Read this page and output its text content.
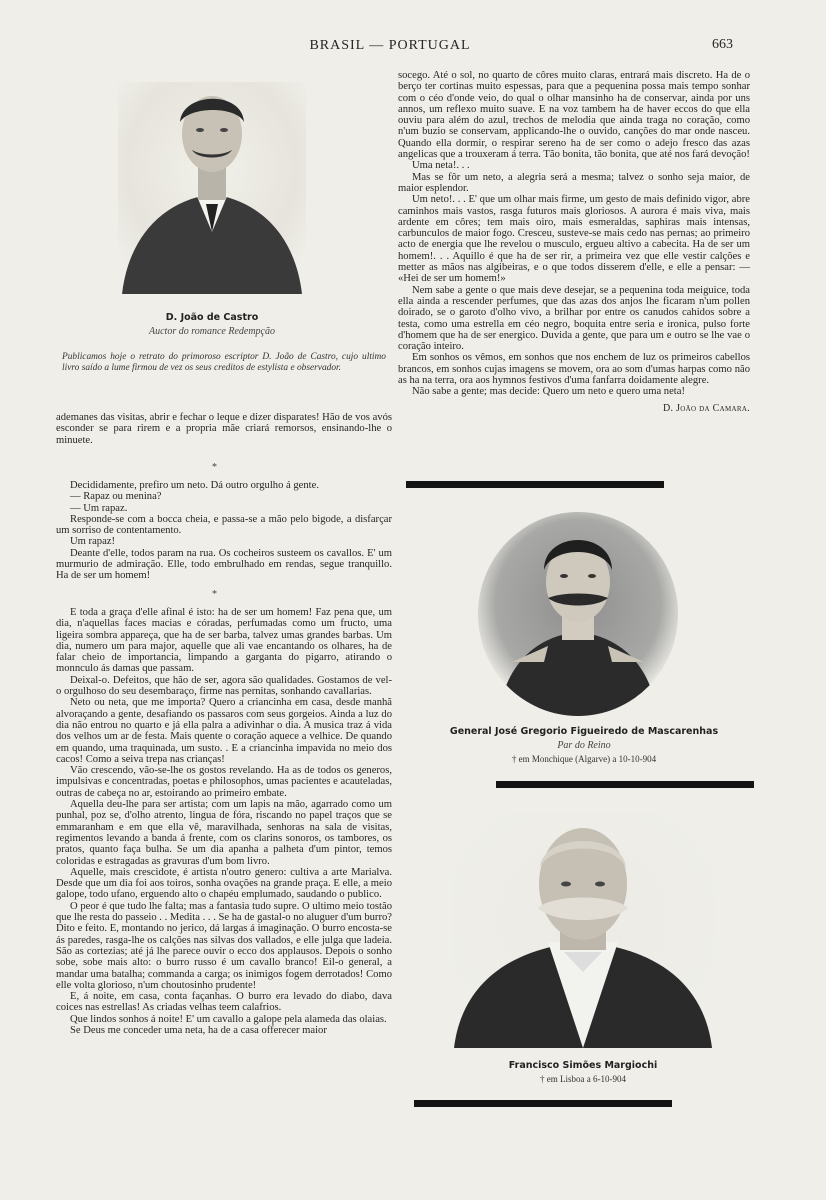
BRASIL — PORTUGAL	663
D. João de Castro
Auctor do romance Redempção
Publicamos hoje o retrato do primoroso escriptor D. João de Castro, cujo ultimo livro saído a lume firmou de vez os seus creditos de estylista e observador.

ademanes das visitas, abrir e fechar o leque e dizer disparates! Hão de vos avós esconder se para rirem e a propria mãe criará remorsos, ensinando-lhe o minuete.

*

Decididamente, prefiro um neto. Dá outro orgulho á gente.

— Rapaz ou menina?

— Um rapaz.

Responde-se com a bocca cheia, e passa-se a mão pelo bigode, a disfarçar um sorriso de contentamento.

Um rapaz!

Deante d'elle, todos param na rua. Os cocheiros susteem os cavallos. E' um murmurio de admiração. Elle, todo embrulhado em rendas, segue tranquillo. Ha de ser um homem!

*

E toda a graça d'elle afinal é isto: ha de ser um homem! Faz pena que, um dia, n'aquellas faces macias e córadas, perfumadas como um fructo, uma ligeira sombra appareça, que ha de ser barba, talvez umas grandes barbas. Um dia, numero um para major, aquelle que ali vae encantando os olhares, ha de falar cheio de importancia, limpando a garganta do pigarro, atirando o monnculo ás damas que passam.

Deixal-o. Defeitos, que hão de ser, agora são qualidades. Gostamos de vel-o orgulhoso do seu desembaraço, firme nas pernitas, sonhando cavallarias.

Neto ou neta, que me importa? Quero a criancinha em casa, desde manhã alvoraçando a gente, desafiando os passaros com seus gorgeios. Ainda a luz do dia não entrou no quarto e já ella palra a adivinhar o dia. A musica traz á vida dos velhos um ar de festa. Mais quente o coração aquece a velhice. De quando em quando, uma traquinada, um susto. . E a criancinha impavida no meio dos cacos! Como a seiva trepa nas crianças!

Vão crescendo, vão-se-lhe os gostos revelando. Ha as de todos os generos, impulsivas e concentradas, poetas e philosophos, umas pacientes e acauteladas, outras de cabeça no ar, estoirando ao primeiro embate.

Aquella deu-lhe para ser artista; com um lapis na mão, agarrado como um punhal, poz se, d'olho atrento, lingua de fóra, riscando no papel traços que se emmaranham e em que ella vê, maravilhada, senhoras na sala de visitas, regimentos levando a banda á frente, com os clarins sonoros, os tambores, os pratos, quanto faça bulha. Se um dia apanha a palheta d'um pintor, temos coloridas e estragadas as gravuras d'um bom livro.

Aquelle, mais crescidote, é artista n'outro genero: cultiva a arte Marialva. Desde que um dia foi aos toiros, sonha ovações na grande praça. E elle, a meio galope, todo ufano, erguendo alto o chapéu emplumado, saudando o publico.

O peor é que tudo lhe falta; mas a fantasia tudo supre. O ultimo meio tostão que lhe resta do passeio . . Medita . . . Se ha de gastal-o no aluguer d'um burro? Dito e feito. E, montando no jerico, dá largas á imaginação. O burro encosta-se ás paredes, rasga-lhe os calções nas silvas dos vallados, e elle julga que ladeia. São as cortezias; até já lhe parece ouvir o ecco dos applausos. Depois o sonho sobe, sobe mais alto: o burro russo é um cavallo branco! Eil-o general, a mandar uma batalha; commanda a carga; os inimigos fogem derrotados! Como elle volta glorioso, n'um choutosinho prudente!

E, á noite, em casa, conta façanhas. O burro era levado do diabo, dava coices nas estrellas! As criadas velhas teem calafrios.

Que lindos sonhos á noite! E' um cavallo a galope pela alameda das olaias.

Se Deus me conceder uma neta, ha de a casa offerecer maior

socego. Até o sol, no quarto de côres muito claras, entrará mais discreto. Ha de o berço ter cortinas muito espessas, para que a pequenina possa mais tempo sonhar com o céo d'onde veio, do qual o olhar mansinho ha de conservar, ainda por uns annos, um reflexo muito suave. E na voz tambem ha de haver eccos do que ella ouviu para além do azul, trechos de melodia que ainda traga no coração, como n'um buzio se conservam, applicando-lhe o ouvido, canções do mar onde nasceu. Quando ella dormir, o respirar sereno ha de ser como o adejo fresco das azas angelicas que a trouxeram á terra. Tão bonita, tão bonita, que até nos fará devoção!

Uma neta!. . .

Mas se fôr um neto, a alegria será a mesma; talvez o sonho seja maior, de maior esplendor.

Um neto!. . . E' que um olhar mais firme, um gesto de mais definido vigor, abre caminhos mais vastos, rasga futuros mais gloriosos. A aurora é mais viva, mais ardente em côres; tem mais oiro, mais esmeraldas, saphiras mais intensas, carbunculos de maior fogo. Cresceu, susteve-se mais cedo nas pernas; ao primeiro acto de energia que lhe revelou o musculo, ergueu altivo a cabecita. Ha de ser um homem!. . . Aquillo é que ha de ser rir, a primeira vez que elle vestir calções e metter as mãos nas algibeiras, e o que todos disserem d'elle, e elle a pensar: — «Hei de ser um homem!»

Nem sabe a gente o que mais deve desejar, se a pequenina toda meiguice, toda ella ainda a rescender perfumes, que das azas dos anjos lhe ficaram n'um pollen doirado, se o garoto d'olho vivo, a brilhar por entre os canudos cahidos sobre a testa, como uma estrella em céo negro, boquita entre seria e ironica, pulso forte d'homem que ha de ser energico. Duvida a gente, que para um e outro se lhe vae o coração inteiro.

Em sonhos os vêmos, em sonhos que nos enchem de luz os primeiros cabellos brancos, em sonhos cujas imagens se movem, ora ao som d'umas harpas como não as ha na terra, ora aos hymnos festivos d'uma fanfarra doidamente alegre.

Não sabe a gente; mas decide: Quero um neto e quero uma neta!

D. João da Camara.
General José Gregorio Figueiredo de Mascarenhas
Par do Reino
† em Monchique (Algarve) a 10-10-904
Francisco Simões Margiochi
† em Lisboa a 6-10-904
